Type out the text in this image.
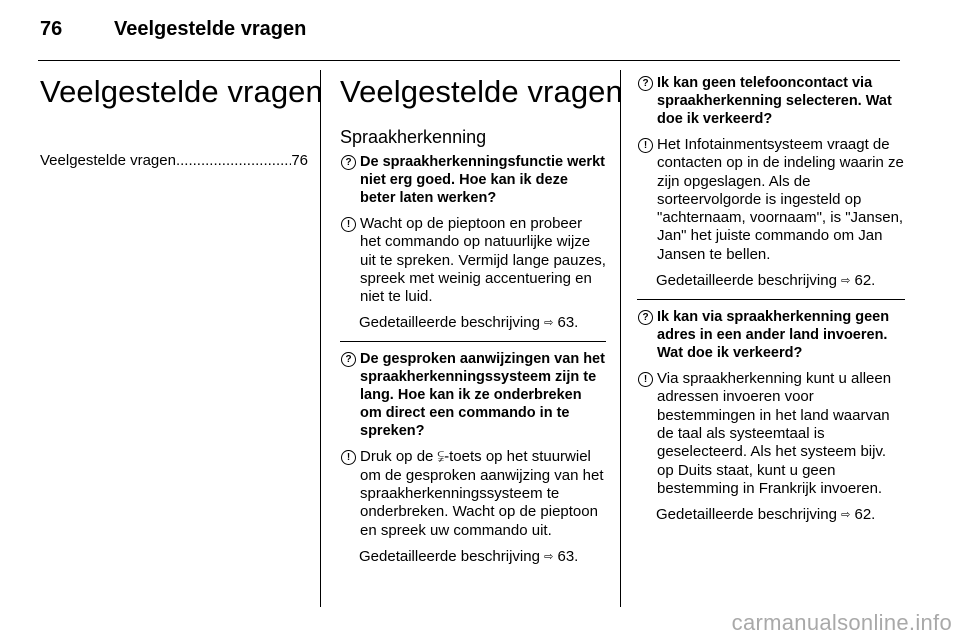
76	Veelgestelde vragen
Veelgestelde vragen
Veelgestelde vragen
.....	76
Veelgestelde vragen
Spraakherkenning
? De spraakherkenningsfunctie werkt niet erg goed. Hoe kan ik deze beter laten werken?
! Wacht op de pieptoon en probeer het commando op natuurlijke wijze uit te spreken. Vermijd lange pauzes, spreek met weinig accentuering en niet te luid.
Gedetailleerde beschrijving ⇨ 63.
? De gesproken aanwijzingen van het spraakherkenningssysteem zijn te lang. Hoe kan ik ze onderbreken om direct een commando in te spreken?
! Druk op de ⫋-toets op het stuurwiel om de gesproken aanwijzing van het spraakherkenningssysteem te onderbreken. Wacht op de pieptoon en spreek uw commando uit.
Gedetailleerde beschrijving ⇨ 63.
? Ik kan geen telefooncontact via spraakherkenning selecteren. Wat doe ik verkeerd?
! Het Infotainmentsysteem vraagt de contacten op in de indeling waarin ze zijn opgeslagen. Als de sorteervolgorde is ingesteld op "achternaam, voornaam", is "Jansen, Jan" het juiste commando om Jan Jansen te bellen.
Gedetailleerde beschrijving ⇨ 62.
? Ik kan via spraakherkenning geen adres in een ander land invoeren. Wat doe ik verkeerd?
! Via spraakherkenning kunt u alleen adressen invoeren voor bestemmingen in het land waarvan de taal als systeemtaal is geselecteerd. Als het systeem bijv. op Duits staat, kunt u geen bestemming in Frankrijk invoeren.
Gedetailleerde beschrijving ⇨ 62.
carmanualsonline.info
